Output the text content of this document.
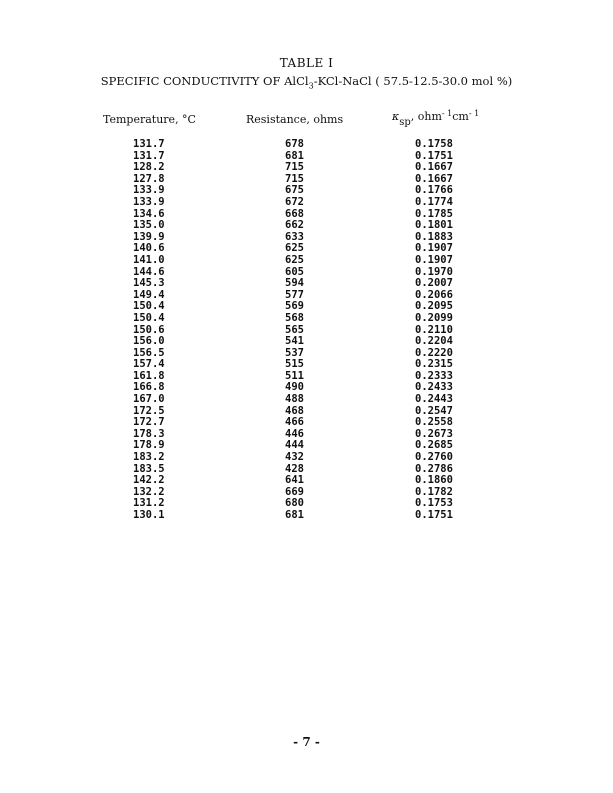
TABLE I
SPECIFIC CONDUCTIVITY OF AlCl$_3$-KCl-NaCl ( 57.5-12.5-30.0 mol %)
Temperature, °C	Resistance, ohms	κsp, $ohm^{- 1}cm^{- 1}$
131.7	678	0.1758
131.7	681	0.1751
128.2	715	0.1667
127.8	715	0.1667
133.9	675	0.1766
133.9	672	0.1774
134.6	668	0.1785
135.0	662	0.1801
139.9	633	0.1883
140.6	625	0.1907
141.0	625	0.1907
144.6	605	0.1970
145.3	594	0.2007
149.4	577	0.2066
150.4	569	0.2095
150.4	568	0.2099
150.6	565	0.2110
156.0	541	0.2204
156.5	537	0.2220
157.4	515	0.2315
161.8	511	0.2333
166.8	490	0.2433
167.0	488	0.2443
172.5	468	0.2547
172.7	466	0.2558
178.3	446	0.2673
178.9	444	0.2685
183.2	432	0.2760
183.5	428	0.2786
142.2	641	0.1860
132.2	669	0.1782
131.2	680	0.1753
130.1	681	0.1751
- 7 -
